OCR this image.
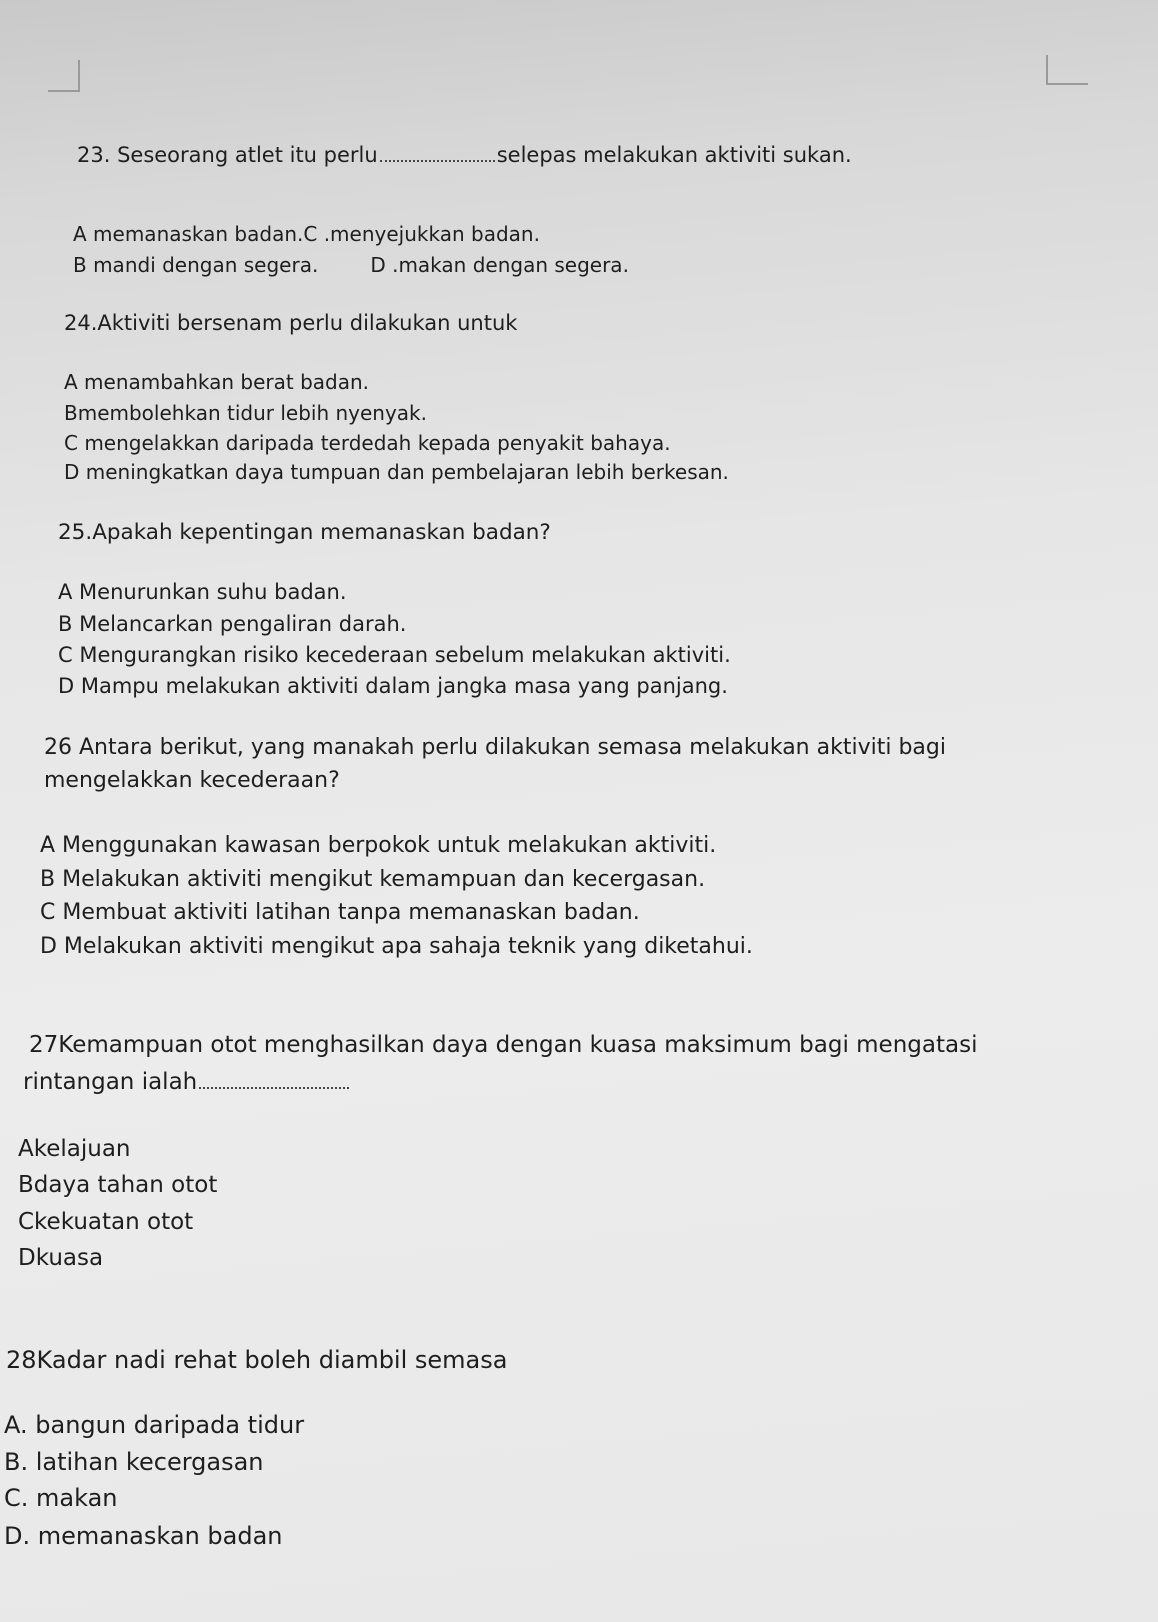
23. Seseorang atlet itu perlu	selepas melakukan aktiviti sukan.
A memanaskan badan.C .menyejukkan badan.
B mandi dengan segera.	D .makan dengan segera.
24.Aktiviti bersenam perlu dilakukan untuk
A menambahkan berat badan.
Bmembolehkan tidur lebih nyenyak.
C mengelakkan daripada terdedah kepada penyakit bahaya.
D meningkatkan daya tumpuan dan pembelajaran lebih berkesan.
25.Apakah kepentingan memanaskan badan?
A Menurunkan suhu badan.
B Melancarkan pengaliran darah.
C Mengurangkan risiko kecederaan sebelum melakukan aktiviti.
D Mampu melakukan aktiviti dalam jangka masa yang panjang.
26 Antara berikut, yang manakah perlu dilakukan semasa melakukan aktiviti bagi
mengelakkan kecederaan?
A Menggunakan kawasan berpokok untuk melakukan aktiviti.
B Melakukan aktiviti mengikut kemampuan dan kecergasan.
C Membuat aktiviti latihan tanpa memanaskan badan.
D Melakukan aktiviti mengikut apa sahaja teknik yang diketahui.
27Kemampuan otot menghasilkan daya dengan kuasa maksimum bagi mengatasi
rintangan ialah
Akelajuan
Bdaya tahan otot
Ckekuatan otot
Dkuasa
28Kadar nadi rehat boleh diambil semasa
A. bangun daripada tidur
B. latihan kecergasan
C. makan
D. memanaskan badan
